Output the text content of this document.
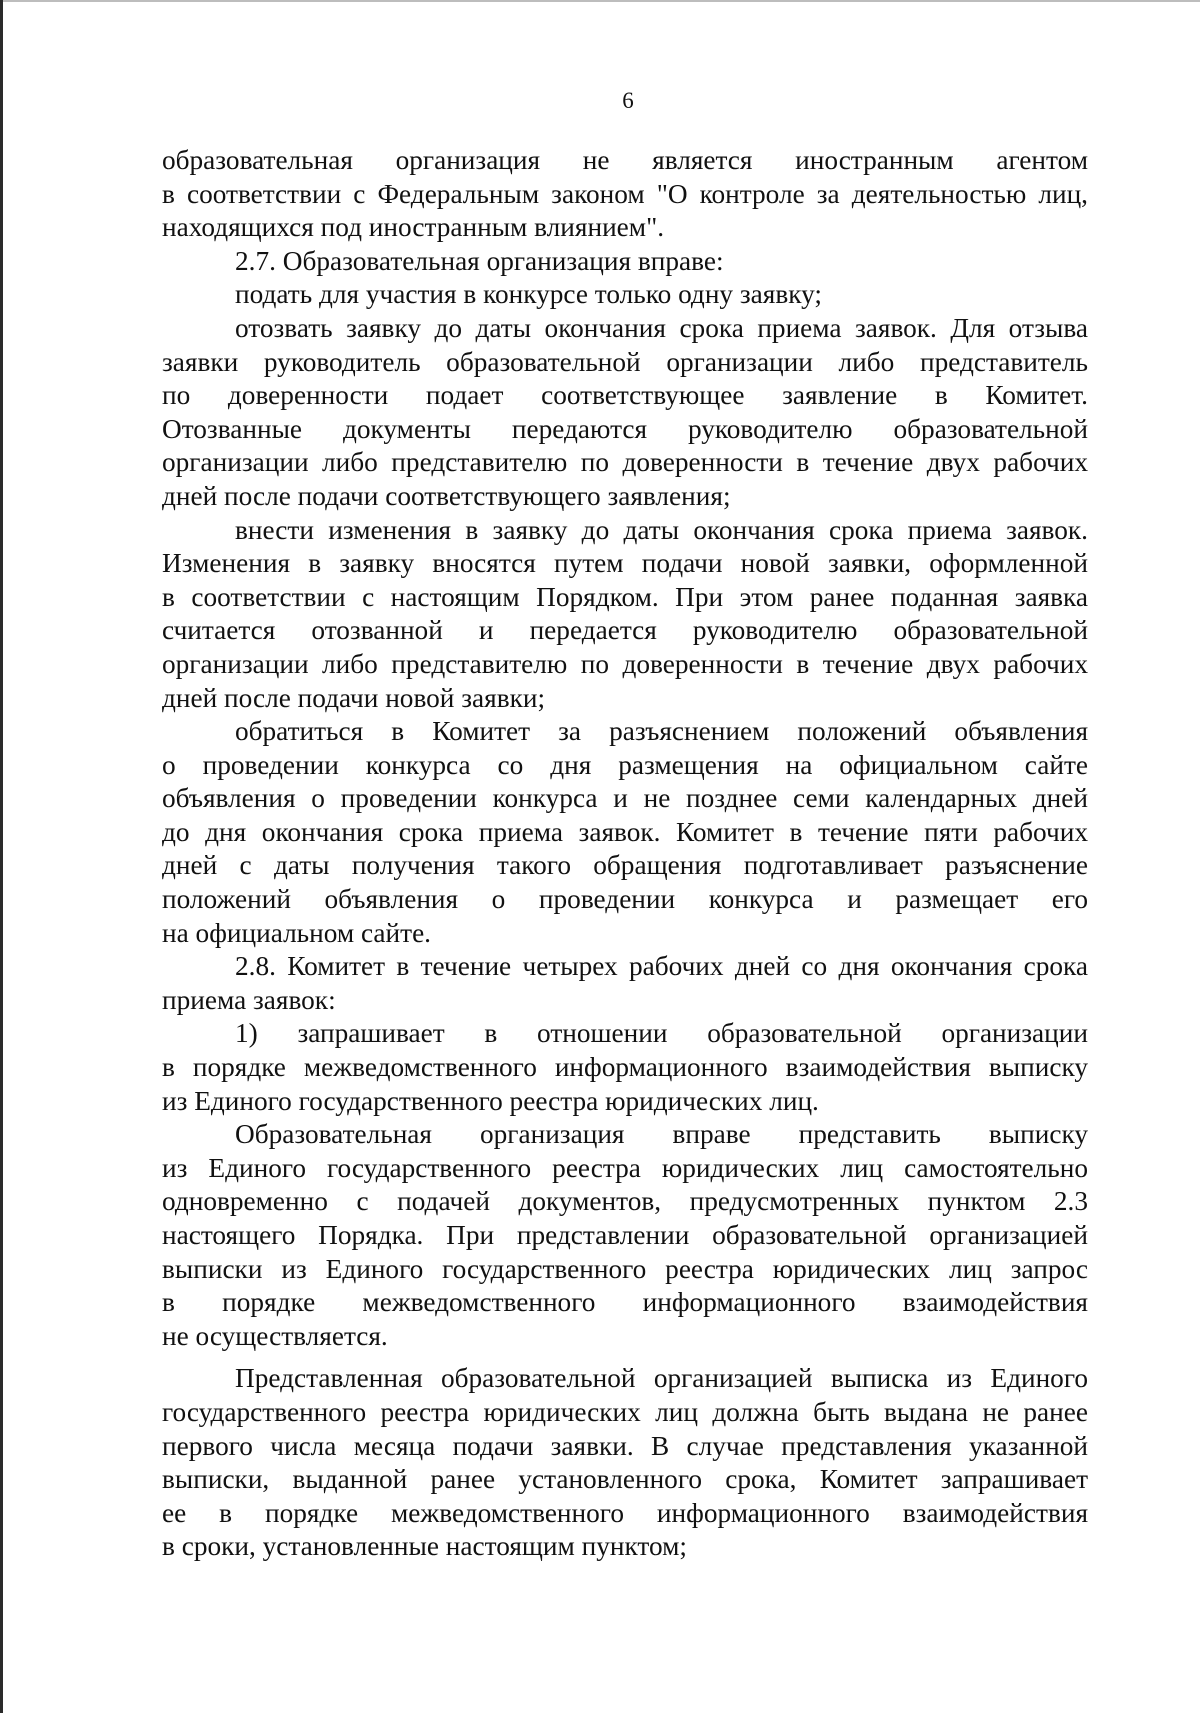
6

образовательная организация не является иностранным агентом
в соответствии с Федеральным законом "О контроле за деятельностью лиц,
находящихся под иностранным влиянием".

2.7. Образовательная организация вправе:

подать для участия в конкурсе только одну заявку;

отозвать заявку до даты окончания срока приема заявок. Для отзыва
заявки руководитель образовательной организации либо представитель
по доверенности подает соответствующее заявление в Комитет.
Отозванные документы передаются руководителю образовательной
организации либо представителю по доверенности в течение двух рабочих
дней после подачи соответствующего заявления;

внести изменения в заявку до даты окончания срока приема заявок.
Изменения в заявку вносятся путем подачи новой заявки, оформленной
в соответствии с настоящим Порядком. При этом ранее поданная заявка
считается отозванной и передается руководителю образовательной
организации либо представителю по доверенности в течение двух рабочих
дней после подачи новой заявки;

обратиться в Комитет за разъяснением положений объявления
о проведении конкурса со дня размещения на официальном сайте
объявления о проведении конкурса и не позднее семи календарных дней
до дня окончания срока приема заявок. Комитет в течение пяти рабочих
дней с даты получения такого обращения подготавливает разъяснение
положений объявления о проведении конкурса и размещает его
на официальном сайте.

2.8. Комитет в течение четырех рабочих дней со дня окончания срока
приема заявок:

1) запрашивает в отношении образовательной организации
в порядке межведомственного информационного взаимодействия выписку
из Единого государственного реестра юридических лиц.

Образовательная организация вправе представить выписку
из Единого государственного реестра юридических лиц самостоятельно
одновременно с подачей документов, предусмотренных пунктом 2.3
настоящего Порядка. При представлении образовательной организацией
выписки из Единого государственного реестра юридических лиц запрос
в порядке межведомственного информационного взаимодействия
не осуществляется.

Представленная образовательной организацией выписка из Единого
государственного реестра юридических лиц должна быть выдана не ранее
первого числа месяца подачи заявки. В случае представления указанной
выписки, выданной ранее установленного срока, Комитет запрашивает
ее в порядке межведомственного информационного взаимодействия
в сроки, установленные настоящим пунктом;
